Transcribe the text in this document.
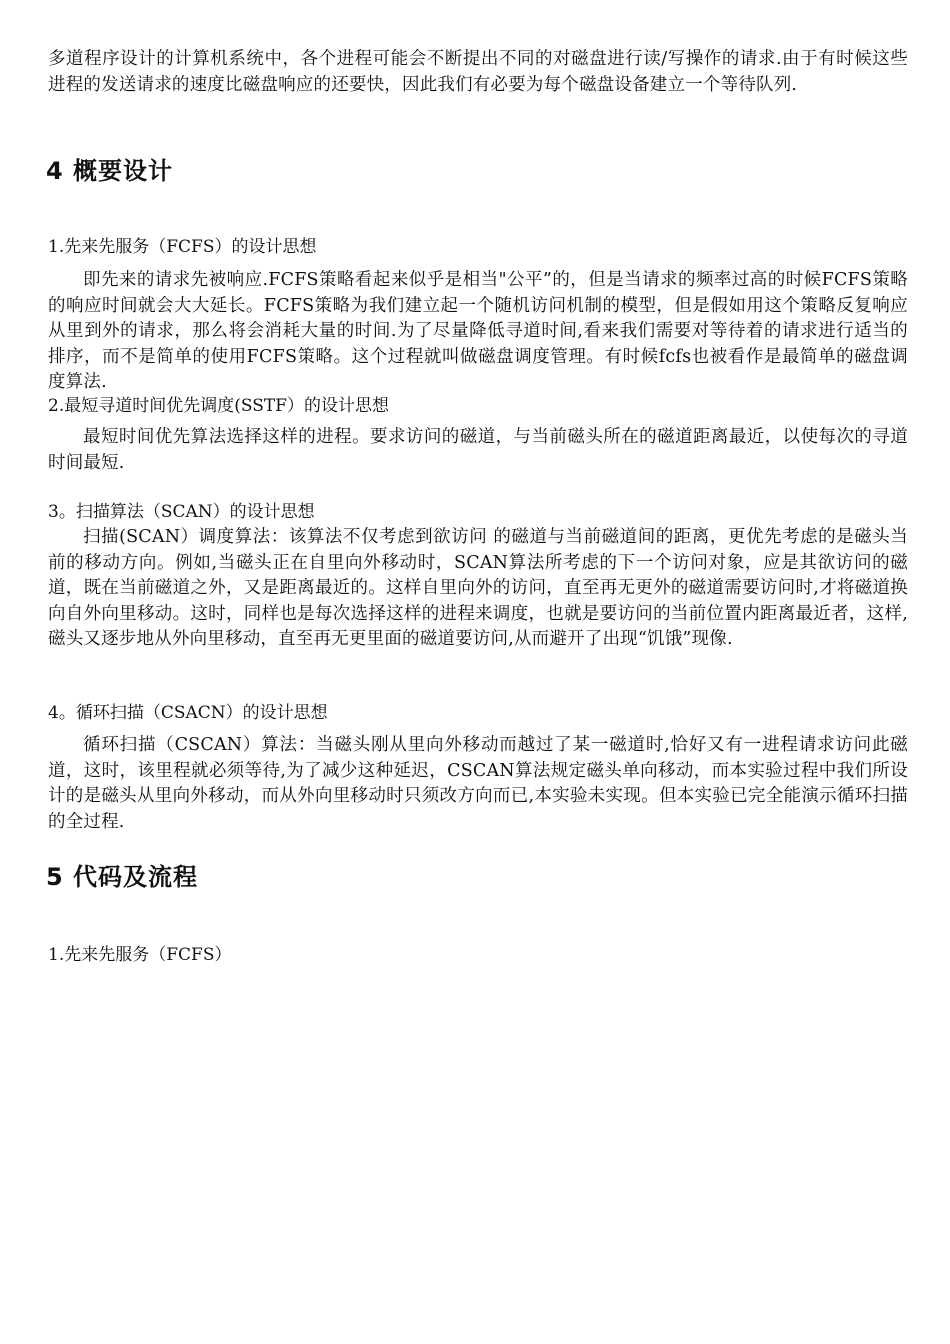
多道程序设计的计算机系统中，各个进程可能会不断提出不同的对磁盘进行读/写操作的请求.由于有时候这些进程的发送请求的速度比磁盘响应的还要快，因此我们有必要为每个磁盘设备建立一个等待队列.

4 概要设计

1.先来先服务（FCFS）的设计思想

即先来的请求先被响应.FCFS策略看起来似乎是相当"公平”的，但是当请求的频率过高的时候FCFS策略的响应时间就会大大延长。FCFS策略为我们建立起一个随机访问机制的模型，但是假如用这个策略反复响应从里到外的请求，那么将会消耗大量的时间.为了尽量降低寻道时间,看来我们需要对等待着的请求进行适当的排序，而不是简单的使用FCFS策略。这个过程就叫做磁盘调度管理。有时候fcfs也被看作是最简单的磁盘调度算法.

2.最短寻道时间优先调度(SSTF）的设计思想

最短时间优先算法选择这样的进程。要求访问的磁道，与当前磁头所在的磁道距离最近，以使每次的寻道时间最短.

3。扫描算法（SCAN）的设计思想

扫描(SCAN）调度算法：该算法不仅考虑到欲访问 的磁道与当前磁道间的距离，更优先考虑的是磁头当前的移动方向。例如,当磁头正在自里向外移动时，SCAN算法所考虑的下一个访问对象，应是其欲访问的磁道，既在当前磁道之外，又是距离最近的。这样自里向外的访问，直至再无更外的磁道需要访问时,才将磁道换向自外向里移动。这时，同样也是每次选择这样的进程来调度，也就是要访问的当前位置内距离最近者，这样,磁头又逐步地从外向里移动，直至再无更里面的磁道要访问,从而避开了出现“饥饿”现像.

4。循环扫描（CSACN）的设计思想

循环扫描（CSCAN）算法：当磁头刚从里向外移动而越过了某一磁道时,恰好又有一进程请求访问此磁道，这时，该里程就必须等待,为了减少这种延迟，CSCAN算法规定磁头单向移动，而本实验过程中我们所设计的是磁头从里向外移动，而从外向里移动时只须改方向而已,本实验未实现。但本实验已完全能演示循环扫描的全过程.

5 代码及流程

1.先来先服务（FCFS）
